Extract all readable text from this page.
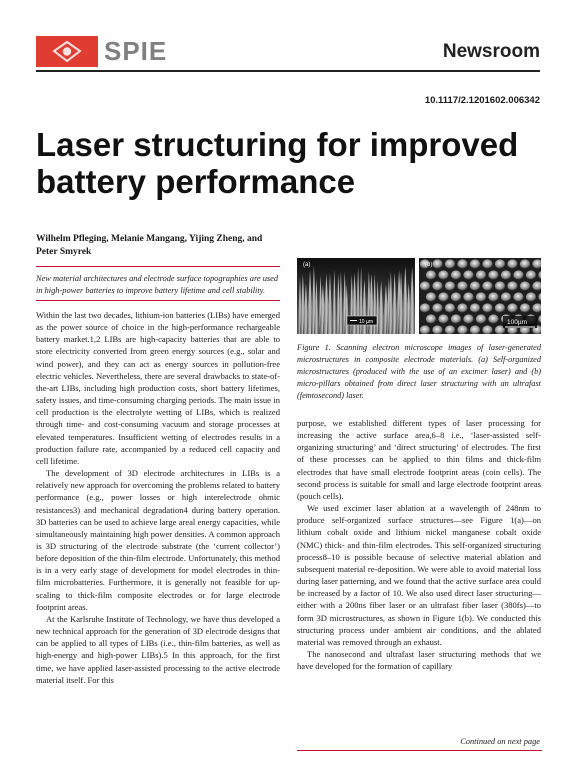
SPIE	Newsroom
10.1117/2.1201602.006342
Laser structuring for improved battery performance
Wilhelm Pfleging, Melanie Mangang, Yijing Zheng, and Peter Smyrek
New material architectures and electrode surface topographies are used in high-power batteries to improve battery lifetime and cell stability.

Within the last two decades, lithium-ion batteries (LIBs) have emerged as the power source of choice in the high-performance rechargeable battery market.1,2 LIBs are high-capacity batteries that are able to store electricity converted from green energy sources (e.g., solar and wind power), and they can act as energy sources in pollution-free electric vehicles. Nevertheless, there are several drawbacks to state-of-the-art LIBs, including high production costs, short battery lifetimes, safety issues, and time-consuming charging periods. The main issue in cell production is the electrolyte wetting of LIBs, which is realized through time- and cost-consuming vacuum and storage processes at elevated temperatures. Insufficient wetting of electrodes results in a production failure rate, accompanied by a reduced cell capacity and cell lifetime.

The development of 3D electrode architectures in LIBs is a relatively new approach for overcoming the problems related to battery performance (e.g., power losses or high interelectrode ohmic resistances3) and mechanical degradation4 during battery operation. 3D batteries can be used to achieve large areal energy capacities, while simultaneously maintaining high power densities. A common approach is 3D structuring of the electrode substrate (the ‘current collector’) before deposition of the thin-film electrode. Unfortunately, this method is in a very early stage of development for model electrodes in thin-film microbatteries. Furthermore, it is generally not feasible for up-scaling to thick-film composite electrodes or for large electrode footprint areas.

At the Karlsruhe Institute of Technology, we have thus developed a new technical approach for the generation of 3D electrode designs that can be applied to all types of LIBs (i.e., thin-film batteries, as well as high-energy and high-power LIBs).5 In this approach, for the first time, we have applied laser-assisted processing to the active electrode material itself. For this

10 µm
(a)
100µm
(b)
Figure 1. Scanning electron microscope images of laser-generated microstructures in composite electrode materials. (a) Self-organized microstructures (produced with the use of an excimer laser) and (b) micro-pillars obtained from direct laser structuring with an ultrafast (femtosecond) laser.

purpose, we established different types of laser processing for increasing the active surface area,6–8 i.e., ‘laser-assisted self-organizing structuring’ and ‘direct structuring’ of electrodes. The first of these processes can be applied to thin films and thick-film electrodes that have small electrode footprint areas (coin cells). The second process is suitable for small and large electrode footprint areas (pouch cells).

We used excimer laser ablation at a wavelength of 248nm to produce self-organized surface structures—see Figure 1(a)—on lithium cobalt oxide and lithium nickel manganese cobalt oxide (NMC) thick- and thin-film electrodes. This self-organized structuring process8–10 is possible because of selective material ablation and subsequent material re-deposition. We were able to avoid material loss during laser patterning, and we found that the active surface area could be increased by a factor of 10. We also used direct laser structuring—either with a 200ns fiber laser or an ultrafast fiber laser (380fs)—to form 3D microstructures, as shown in Figure 1(b). We conducted this structuring process under ambient air conditions, and the ablated material was removed through an exhaust.

The nanosecond and ultrafast laser structuring methods that we have developed for the formation of capillary

Continued on next page
